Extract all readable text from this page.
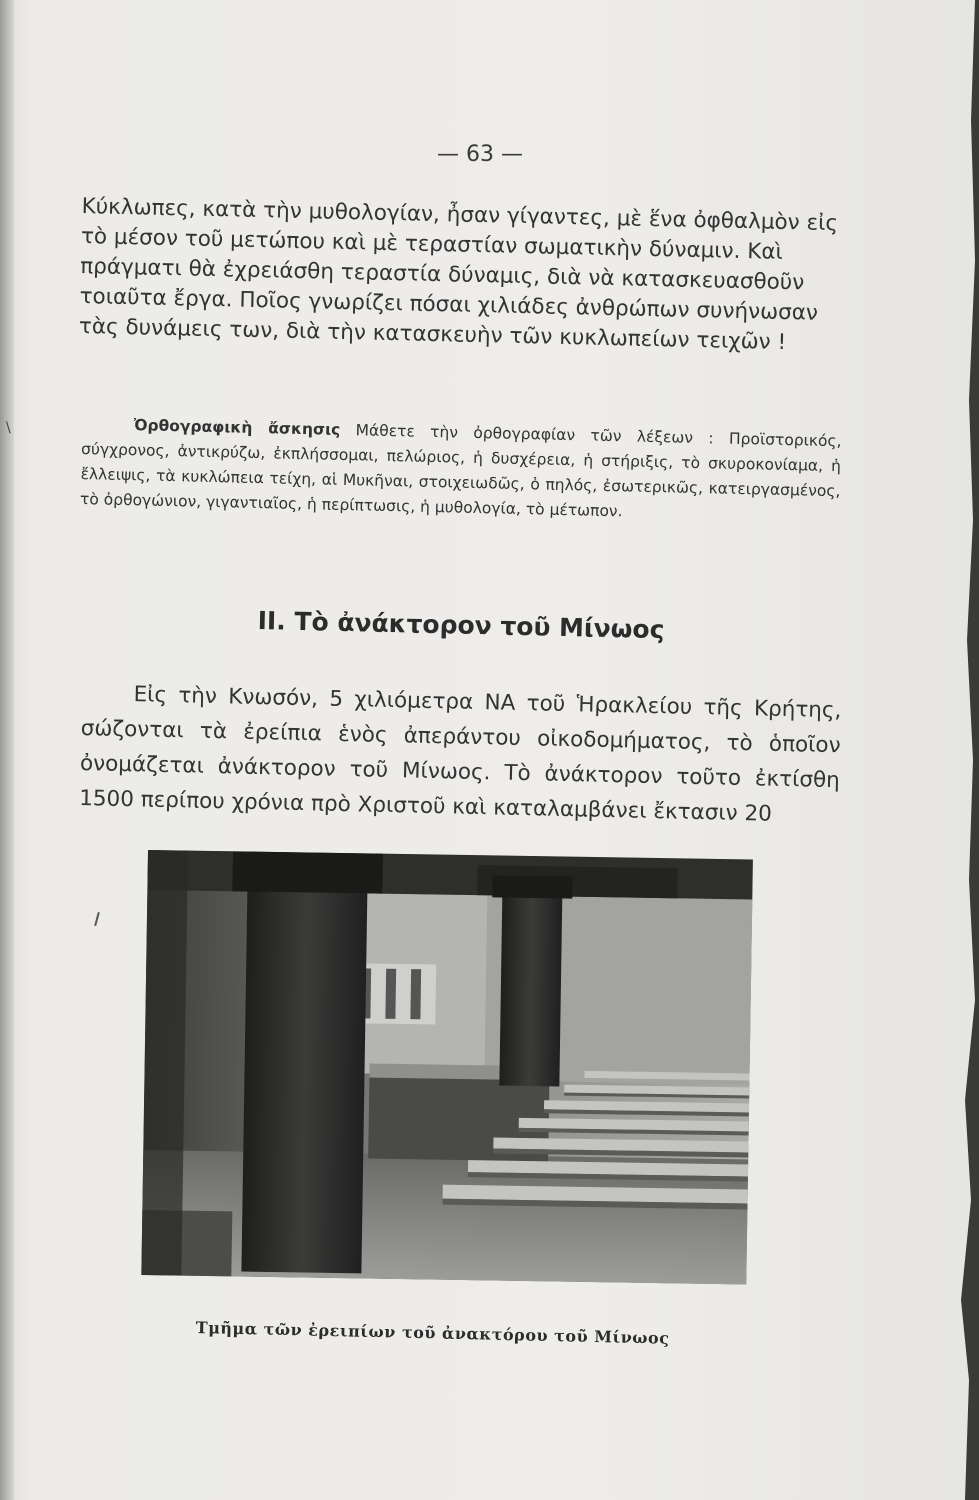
\
— 63 —
Κύκλωπες, κατὰ τὴν μυθολογίαν, ἦσαν γίγαντες, μὲ ἕνα ὀφθαλμὸν εἰς τὸ μέσον τοῦ μετώπου καὶ μὲ τεραστίαν σωματικὴν δύναμιν. Καὶ πράγματι θὰ ἐχρειάσθη τεραστία δύναμις, διὰ νὰ κατασκευασθοῦν τοιαῦτα ἔργα. Ποῖος γνωρίζει πόσαι χιλιάδες ἀνθρώπων συνήνωσαν τὰς δυνάμεις των, διὰ τὴν κατασκευὴν τῶν κυκλωπείων τειχῶν !
Ὀρθογραφικὴ ἄσκησις Μάθετε τὴν ὀρθογραφίαν τῶν λέξεων : Προϊστορικός, σύγχρονος, ἀντικρύζω, ἐκπλήσσομαι, πελώριος, ἡ δυσχέρεια, ἡ στήριξις, τὸ σκυροκονίαμα, ἡ ἔλλειψις, τὰ κυκλώπεια τείχη, αἱ Μυκῆναι, στοιχειωδῶς, ὁ πηλός, ἐσωτερικῶς, κατειργασμένος, τὸ ὀρθογώνιον, γιγαντιαῖος, ἡ περίπτωσις, ἡ μυθολογία, τὸ μέτωπον.
ΙΙ. Τὸ ἀνάκτορον τοῦ Μίνωος
Εἰς τὴν Κνωσόν, 5 χιλιόμετρα ΝΑ τοῦ Ἡρακλείου τῆς Κρήτης, σώζονται τὰ ἐρείπια ἑνὸς ἀπεράντου οἰκοδομήματος, τὸ ὁποῖον ὀνομάζεται ἀνάκτορον τοῦ Μίνωος. Τὸ ἀνάκτορον τοῦτο ἐκτίσθη 1500 περίπου χρόνια πρὸ Χριστοῦ καὶ καταλαμβάνει ἔκτασιν 20
Τμῆμα τῶν ἐρειπίων τοῦ ἀνακτόρου τοῦ Μίνωος
